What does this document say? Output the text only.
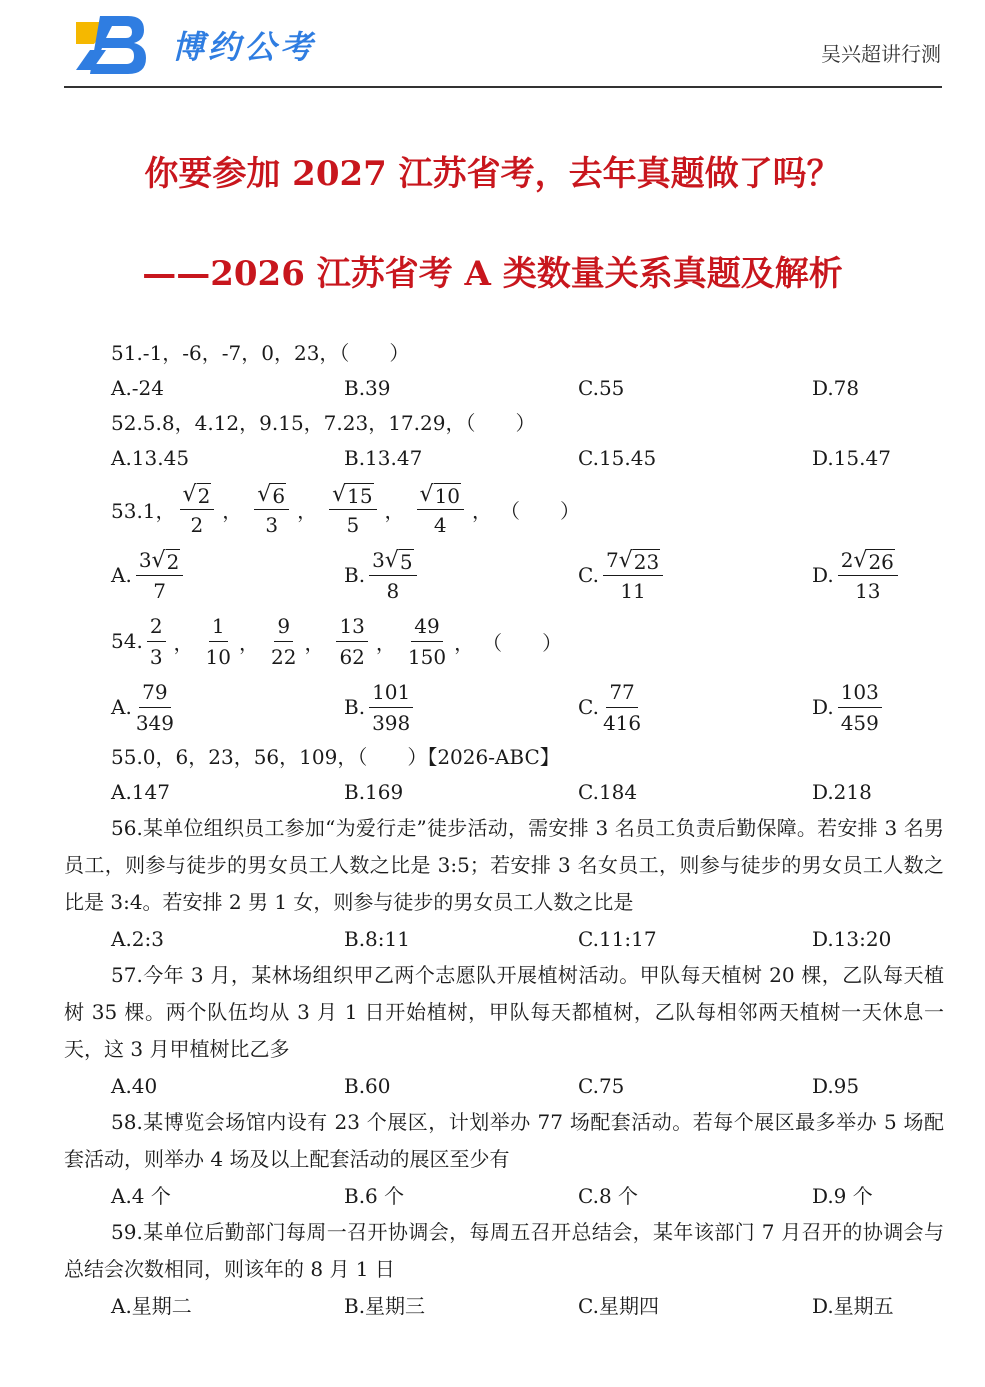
博约公考	吴兴超讲行测
你要参加 2027 江苏省考，去年真题做了吗？
——2026 江苏省考 A 类数量关系真题及解析
51.-1，-6，-7，0，23，（　　）
A.-24	B.39	C.55	D.78
52.5.8，4.12，9.15，7.23，17.29，（　　）
A.13.45	B.13.47	C.15.45	D.15.47
53.1， $\frac{√ 2}{2}$ ， $\frac{√ 6}{3}$ ， $\frac{√ 15}{5}$ ， $\frac{√ 10}{4}$ ， （　　）
A. $\frac{3 √ 2}{7}$	B. $\frac{3 √ 5}{8}$	C. $\frac{7 √ 23}{11}$	D. $\frac{2 √ 26}{13}$
54. $\frac{2}{3}$ ， $\frac{1}{10}$ ， $\frac{9}{22}$ ， $\frac{13}{62}$ ， $\frac{49}{150}$ ， （　　）
A. $\frac{79}{349}$	B. $\frac{101}{398}$	C. $\frac{77}{416}$	D. $\frac{103}{459}$
55.0，6，23，56，109，（　　）【2026-ABC】
A.147	B.169	C.184	D.218
56.某单位组织员工参加“为爱行走”徒步活动，需安排 3 名员工负责后勤保障。若安排 3 名男员工，则参与徒步的男女员工人数之比是 3:5；若安排 3 名女员工，则参与徒步的男女员工人数之比是 3:4。若安排 2 男 1 女，则参与徒步的男女员工人数之比是
A.2:3	B.8:11	C.11:17	D.13:20
57.今年 3 月，某林场组织甲乙两个志愿队开展植树活动。甲队每天植树 20 棵，乙队每天植树 35 棵。两个队伍均从 3 月 1 日开始植树，甲队每天都植树，乙队每相邻两天植树一天休息一天，这 3 月甲植树比乙多
A.40	B.60	C.75	D.95
58.某博览会场馆内设有 23 个展区，计划举办 77 场配套活动。若每个展区最多举办 5 场配套活动，则举办 4 场及以上配套活动的展区至少有
A.4 个	B.6 个	C.8 个	D.9 个
59.某单位后勤部门每周一召开协调会，每周五召开总结会，某年该部门 7 月召开的协调会与总结会次数相同，则该年的 8 月 1 日
A.星期二	B.星期三	C.星期四	D.星期五
